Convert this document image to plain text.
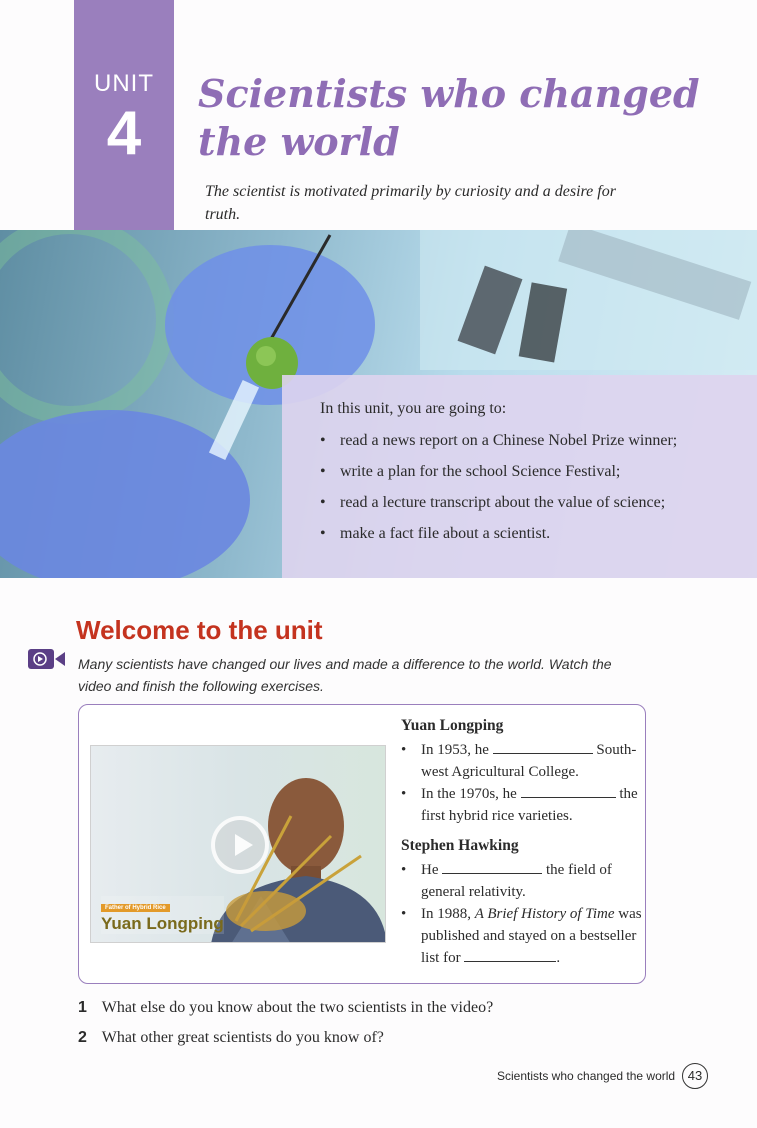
UNIT
4
Scientists who changed
the world
The scientist is motivated primarily by curiosity and a desire for truth.

In this unit, you are going to:

• read a news report on a Chinese Nobel Prize winner;
• write a plan for the school Science Festival;
• read a lecture transcript about the value of science;
• make a fact file about a scientist.
Welcome to the unit

Many scientists have changed our lives and made a difference to the world. Watch the video and finish the following exercises.

Father of Hybrid Rice
Yuan Longping
Yuan Longping
• In 1953, he	South-west Agricultural College.
• In the 1970s, he	the first hybrid rice varieties.
Stephen Hawking
• He	the field of general relativity.
• In 1988, A Brief History of Time was published and stayed on a bestseller list for	.
1 What else do you know about the two scientists in the video?
2 What other great scientists do you know of?
Scientists who changed the world 43
